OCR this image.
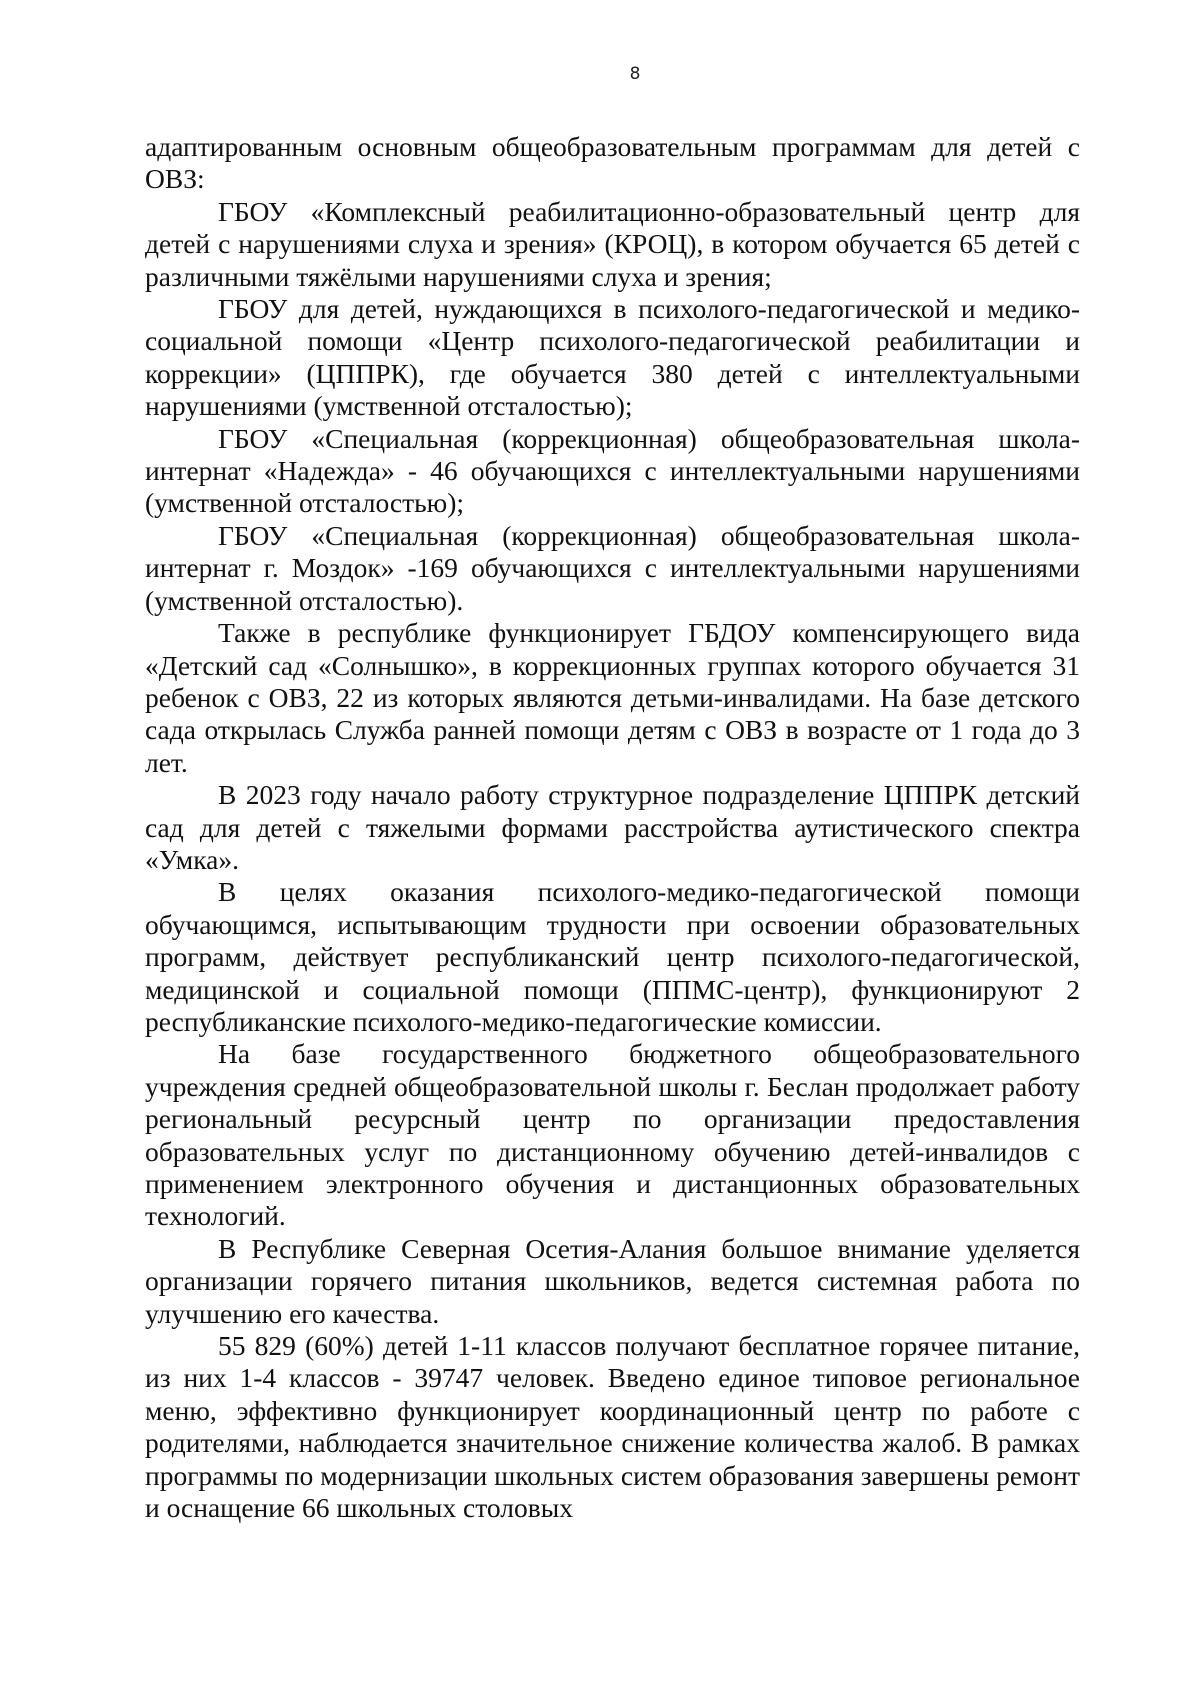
8

адаптированным основным общеобразовательным программам для детей с ОВЗ:

ГБОУ «Комплексный реабилитационно-образовательный центр для детей с нарушениями слуха и зрения» (КРОЦ), в котором обучается 65 детей с различными тяжёлыми нарушениями слуха и зрения;

ГБОУ для детей, нуждающихся в психолого-педагогической и медико-социальной помощи «Центр психолого-педагогической реабилитации и коррекции» (ЦППРК), где обучается 380 детей с интеллектуальными нарушениями (умственной отсталостью);

ГБОУ «Специальная (коррекционная) общеобразовательная школа-интернат «Надежда» - 46 обучающихся с интеллектуальными нарушениями (умственной отсталостью);

ГБОУ «Специальная (коррекционная) общеобразовательная школа-интернат г. Моздок» -169 обучающихся с интеллектуальными нарушениями (умственной отсталостью).

Также в республике функционирует ГБДОУ компенсирующего вида «Детский сад «Солнышко», в коррекционных группах которого обучается 31 ребенок с ОВЗ, 22 из которых являются детьми-инвалидами. На базе детского сада открылась Служба ранней помощи детям с ОВЗ в возрасте от 1 года до 3 лет.

В 2023 году начало работу структурное подразделение ЦППРК детский сад для детей с тяжелыми формами расстройства аутистического спектра «Умка».

В целях оказания психолого-медико-педагогической помощи обучающимся, испытывающим трудности при освоении образовательных программ, действует республиканский центр психолого-педагогической, медицинской и социальной помощи (ППМС-центр), функционируют 2 республиканские психолого-медико-педагогические комиссии.

На базе государственного бюджетного общеобразовательного учреждения средней общеобразовательной школы г. Беслан продолжает работу региональный ресурсный центр по организации предоставления образовательных услуг по дистанционному обучению детей-инвалидов с применением электронного обучения и дистанционных образовательных технологий.

В Республике Северная Осетия-Алания большое внимание уделяется организации горячего питания школьников, ведется системная работа по улучшению его качества.

55 829 (60%) детей 1-11 классов получают бесплатное горячее питание, из них 1-4 классов - 39747 человек. Введено единое типовое региональное меню, эффективно функционирует координационный центр по работе с родителями, наблюдается значительное снижение количества жалоб. В рамках программы по модернизации школьных систем образования завершены ремонт и оснащение 66 школьных столовых
